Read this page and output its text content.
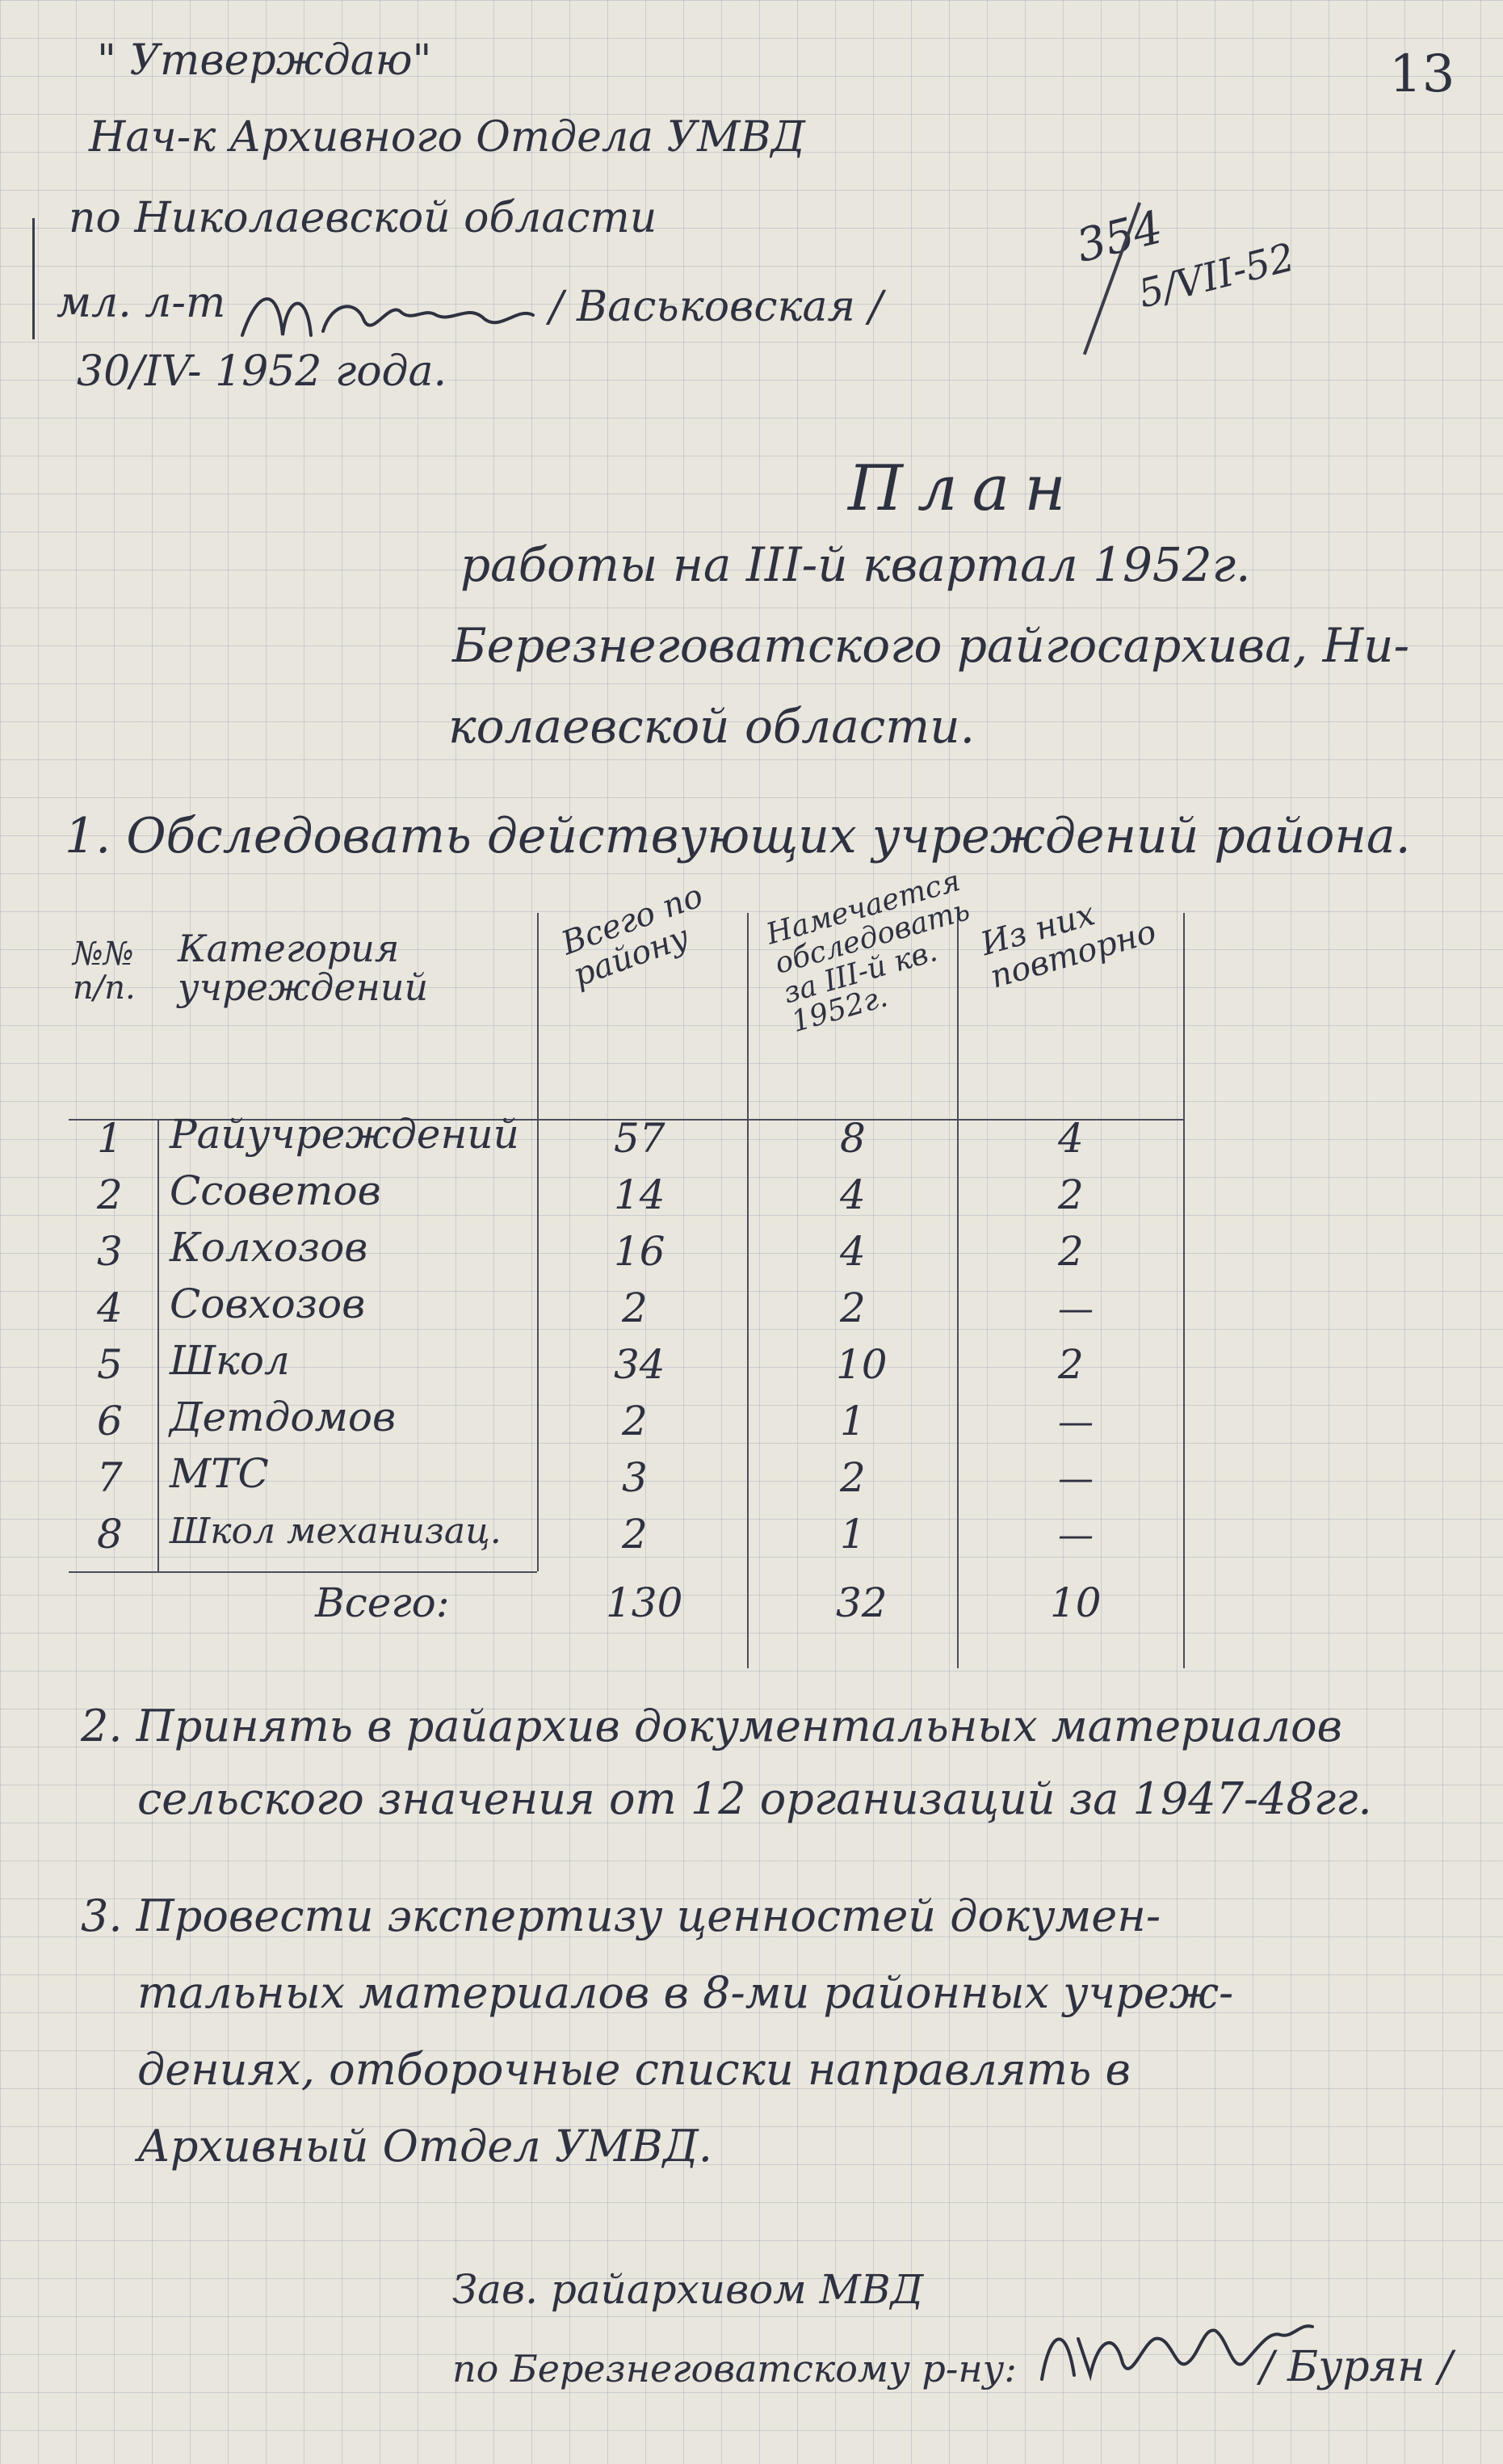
13
" Утверждаю"
Нач-к Архивного Отдела УМВД
по Николаевской области
мл. л-т	/ Васьковская /
30/IV- 1952 года.
354
5/VII-52
План
работы на III-й квартал 1952г.
Березнеговатского райгосархива, Ни-
колаевской области.
1. Обследовать действующих учреждений района.
№№ п/п.
Категория учреждений
Всего по району
Намечается обследовать за III-й кв. 1952г.
Из них повторно
1 Райучреждений 57	8	4
2 Ссоветов	14	4	2
3 Колхозов	16	4	2
4 Совхозов	2	2	—
5 Школ	34	10	2
6 Детдомов	2	1	—
7 МТС	3	2	—
8 Школ механизац.	2	1	—
Всего:	130	32	10
2. Принять в райархив документальных материалов
сельского значения от 12 организаций за 1947-48гг.
3. Провести экспертизу ценностей докумен-
тальных материалов в 8-ми районных учреж-
дениях, отборочные списки направлять в
Архивный Отдел УМВД.
Зав. райархивом МВД
по Березнеговатскому р-ну:	/ Бурян /
